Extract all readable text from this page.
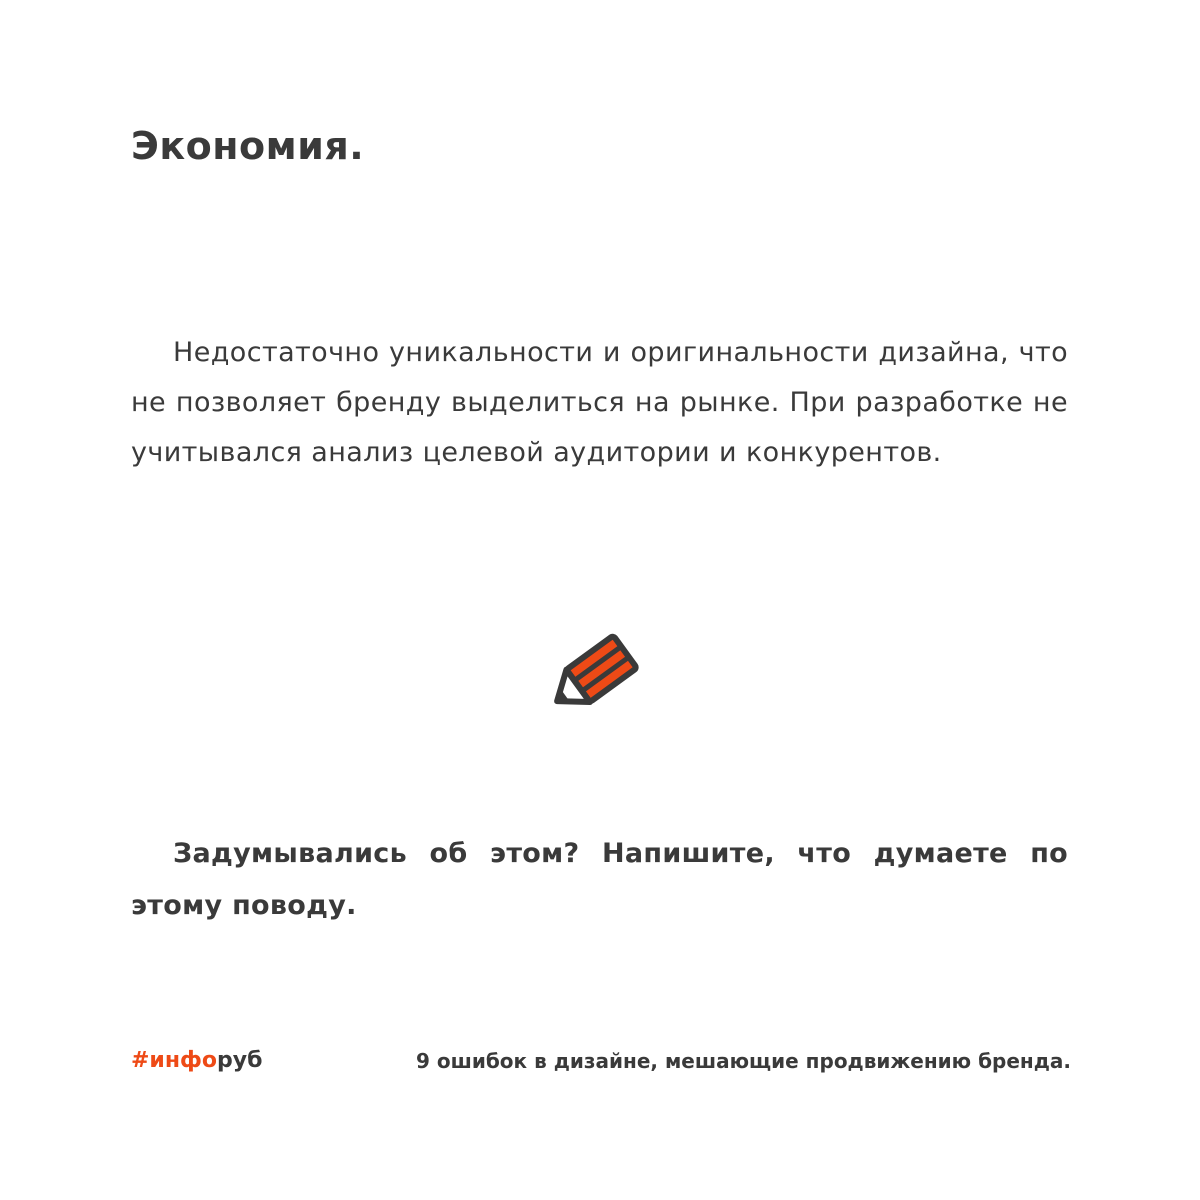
Экономия.

Недостаточно уникальности и оригинальности дизайна, что не позволяет бренду выделиться на рынке. При разработке не учитывался анализ целевой аудитории и конкурентов.

Задумывались об этом? Напишите, что думаете по этому поводу.

#инфоруб	9 ошибок в дизайне, мешающие продвижению бренда.
